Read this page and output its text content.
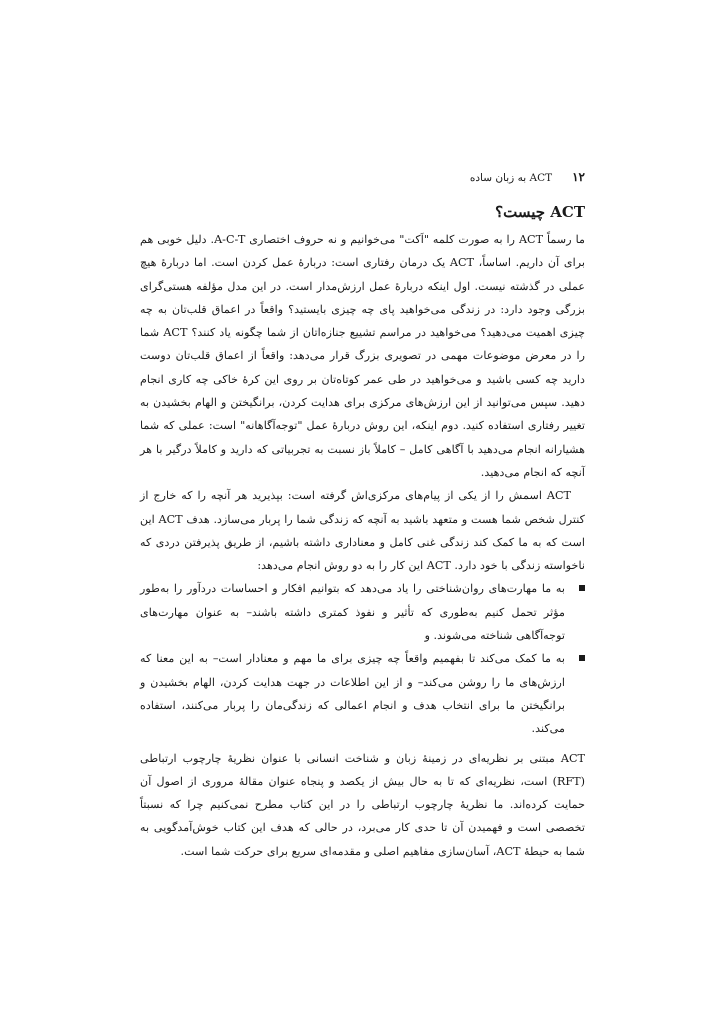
۱۲
ACT به زبان ساده
ACT چیست؟

ما رسماً ACT را به صورت کلمه "اَکت" می‌خوانیم و نه حروف اختصاری A-C-T. دلیل خوبی هم برای آن داریم. اساساً، ACT یک درمان رفتاری است: دربارهٔ عمل کردن است. اما دربارهٔ هیچ عملی در گذشته نیست. اول اینکه دربارهٔ عمل ارزش‌مدار است. در این مدل مؤلفه هستی‌گرای بزرگی وجود دارد: در زندگی می‌خواهید پای چه چیزی بایستید؟ واقعاً در اعماق قلب‌تان به چه چیزی اهمیت می‌دهید؟ می‌خواهید در مراسم تشییع جنازه‌اتان از شما چگونه یاد کنند؟ ACT شما را در معرض موضوعات مهمی در تصویری بزرگ قرار می‌دهد: واقعاً از اعماق قلب‌تان دوست دارید چه کسی باشید و می‌خواهید در طی عمر کوتاه‌تان بر روی این کرهٔ خاکی چه کاری انجام دهید. سپس می‌توانید از این ارزش‌های مرکزی برای هدایت کردن، برانگیختن و الهام بخشیدن به تغییر رفتاری استفاده کنید. دوم اینکه، این روش دربارهٔ عمل "توجه‌آگاهانه" است: عملی که شما هشیارانه انجام می‌دهید با آگاهی کامل – کاملاً باز نسبت به تجربیاتی که دارید و کاملاً درگیر با هر آنچه که انجام می‌دهید.

ACT اسمش را از یکی از پیام‌های مرکزی‌اش گرفته است: بپذیرید هر آنچه را که خارج از کنترل شخص شما هست و متعهد باشید به آنچه که زندگی شما را پربار می‌سازد. هدف ACT این است که به ما کمک کند زندگی غنی کامل و معناداری داشته باشیم، از طریق پذیرفتن دردی که ناخواسته زندگی با خود دارد. ACT این کار را به دو روش انجام می‌دهد:

به ما مهارت‌های روان‌شناختی را یاد می‌دهد که بتوانیم افکار و احساسات دردآور را به‌طور مؤثر تحمل کنیم به‌طوری که تأثیر و نفوذ کمتری داشته باشند– به عنوان مهارت‌های توجه‌آگاهی شناخته می‌شوند. و
به ما کمک می‌کند تا بفهمیم واقعاً چه چیزی برای ما مهم و معنادار است– به این معنا که ارزش‌های ما را روشن می‌کند– و از این اطلاعات در جهت هدایت کردن، الهام بخشیدن و برانگیختن ما برای انتخاب هدف و انجام اعمالی که زندگی‌مان را پربار می‌کنند، استفاده می‌کند.

ACT مبتنی بر نظریه‌ای در زمینهٔ زبان و شناخت انسانی با عنوان نظریهٔ چارچوب ارتباطی (RFT) است، نظریه‌ای که تا به حال بیش از یکصد و پنجاه عنوان مقالهٔ مروری از اصول آن حمایت کرده‌اند. ما نظریهٔ چارچوب ارتباطی را در این کتاب مطرح نمی‌کنیم چرا که نسبتاً تخصصی است و فهمیدن آن تا حدی کار می‌برد، در حالی که هدف این کتاب خوش‌آمدگویی به شما به حیطهٔ ACT، آسان‌سازی مفاهیم اصلی و مقدمه‌ای سریع برای حرکت شما است.
